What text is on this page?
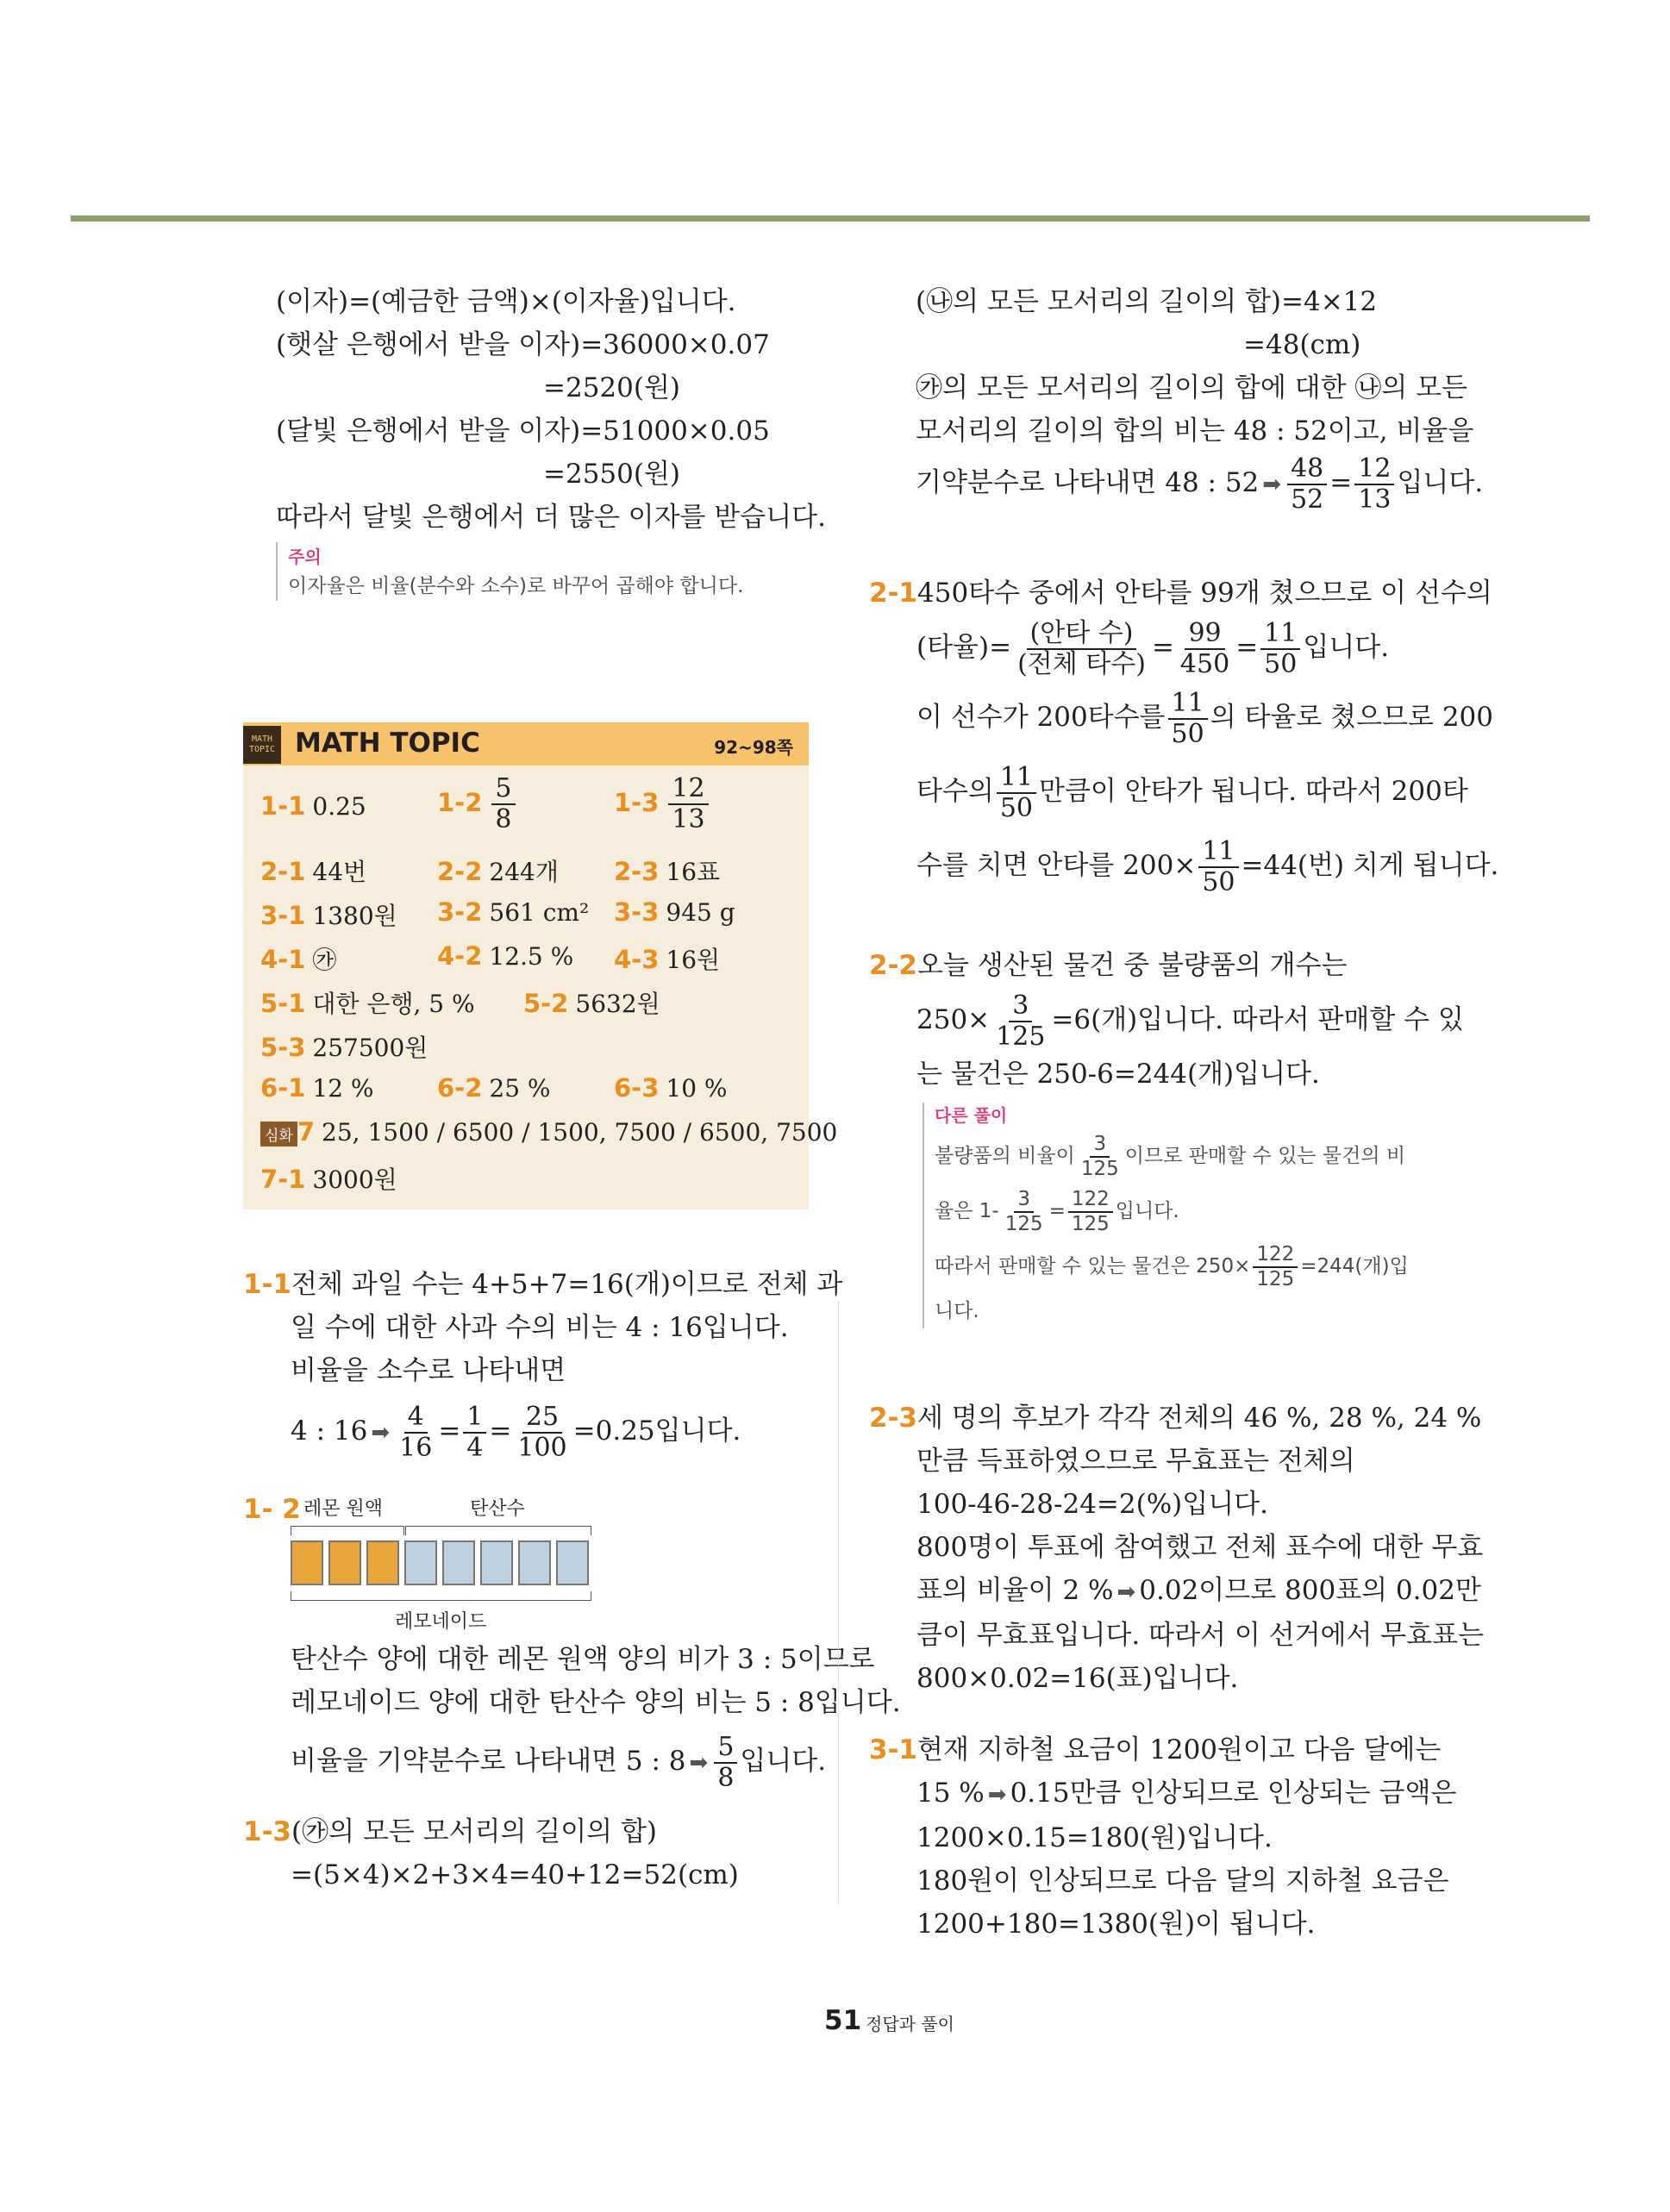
(이자)=(예금한 금액)×(이자율)입니다.

(햇살 은행에서 받을 이자)=36000×0.07

=2520(원)

(달빛 은행에서 받을 이자)=51000×0.05

=2550(원)

따라서 달빛 은행에서 더 많은 이자를 받습니다.

주의
이자율은 비율(분수와 소수)로 바꾸어 곱해야 합니다.
MATH TOPIC MATH TOPIC	92~98쪽
1-1 0.25	$1-2 \frac{5}{8}$	$1-3 \frac{12}{13}$
2-1 44번	2-2 244개 2-3 16표
3-1 1380원 3-2 561 cm² 3-3 945 g
4-1 ㉮	4-2 12.5 % 4-3 16원
5-1 대한 은행, 5 % 5-2 5632원
5-3 257500원
6-1 12 %	6-2 25 %	6-3 10 %
심화 7 25, 1500 / 6500 / 1500, 7500 / 6500, 7500
7-1 3000원

1-1전체 과일 수는 4+5+7=16(개)이므로 전체 과

일 수에 대한 사과 수의 비는 4 : 16입니다.

비율을 소수로 나타내면

4 : 16 ➡ $\frac{4}{16} = \frac{1}{4} = \frac{25}{100} =0.25$입니다.

1- 2 레몬 원액	탄산수
레모네이드

탄산수 양에 대한 레몬 원액 양의 비가 3 : 5이므로

레모네이드 양에 대한 탄산수 양의 비는 5 : 8입니다.

비율을 기약분수로 나타내면 5 : 8 ➡ $\frac{5}{8}$ 입니다.

1-3(㉮의 모든 모서리의 길이의 합)

=(5×4)×2+3×4=40+12=52(cm)

(㉯의 모든 모서리의 길이의 합)=4×12

=48(cm)

㉮의 모든 모서리의 길이의 합에 대한 ㉯의 모든

모서리의 길이의 합의 비는 48 : 52이고, 비율을

기약분수로 나타내면 48 : 52 ➡ $\frac{48}{52} = \frac{12}{13}$ 입니다.

2-1450타수 중에서 안타를 99개 쳤으므로 이 선수의

(타율)= $\frac{\text{(안타 수)}}{\text{(전체 타수)}} = \frac{99}{450} = \frac{11}{50}$ 입니다.

이 선수가 200타수를 $\frac{11}{50}$ 의 타율로 쳤으므로 200

타수의 $\frac{11}{50}$ 만큼이 안타가 됩니다. 따라서 200타

수를 치면 안타를 $200\times \frac{11}{50} =44$(번) 치게 됩니다.

2-2오늘 생산된 물건 중 불량품의 개수는

$250\times \frac{3}{125} =6$(개)입니다. 따라서 판매할 수 있

는 물건은 250-6=244(개)입니다.

다른 풀이
불량품의 비율이 $\frac{3}{125}$ 이므로 판매할 수 있는 물건의 비
율은 $1- \frac{3}{125} = \frac{122}{125}$ 입니다.
따라서 판매할 수 있는 물건은 $250\times \frac{122}{125} =244$(개)입
니다.

2-3세 명의 후보가 각각 전체의 46 %, 28 %, 24 %

만큼 득표하였으므로 무효표는 전체의

100-46-28-24=2(%)입니다.

800명이 투표에 참여했고 전체 표수에 대한 무효

표의 비율이 2 % ➡ 0.02이므로 800표의 0.02만

큼이 무효표입니다. 따라서 이 선거에서 무효표는

800×0.02=16(표)입니다.

3-1현재 지하철 요금이 1200원이고 다음 달에는

15 % ➡ 0.15만큼 인상되므로 인상되는 금액은

1200×0.15=180(원)입니다.

180원이 인상되므로 다음 달의 지하철 요금은

1200+180=1380(원)이 됩니다.

51 정답과 풀이
